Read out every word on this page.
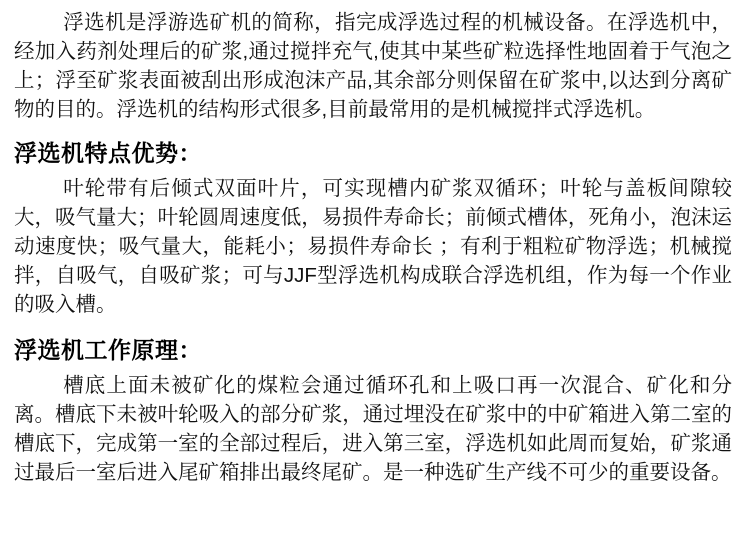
浮选机是浮游选矿机的简称，指完成浮选过程的机械设备。在浮选机中，经加入药剂处理后的矿浆,通过搅拌充气,使其中某些矿粒选择性地固着于气泡之上；浮至矿浆表面被刮出形成泡沫产品,其余部分则保留在矿浆中,以达到分离矿物的目的。浮选机的结构形式很多,目前最常用的是机械搅拌式浮选机。

浮选机特点优势：

叶轮带有后倾式双面叶片，可实现槽内矿浆双循环；叶轮与盖板间隙较大，吸气量大；叶轮圆周速度低，易损件寿命长；前倾式槽体，死角小，泡沫运动速度快；吸气量大，能耗小；易损件寿命长 ；有利于粗粒矿物浮选；机械搅拌，自吸气，自吸矿浆；可与JJF型浮选机构成联合浮选机组，作为每一个作业的吸入槽。

浮选机工作原理：

槽底上面未被矿化的煤粒会通过循环孔和上吸口再一次混合、矿化和分离。槽底下未被叶轮吸入的部分矿浆，通过埋没在矿浆中的中矿箱进入第二室的槽底下，完成第一室的全部过程后，进入第三室，浮选机如此周而复始，矿浆通过最后一室后进入尾矿箱排出最终尾矿。是一种选矿生产线不可少的重要设备。
